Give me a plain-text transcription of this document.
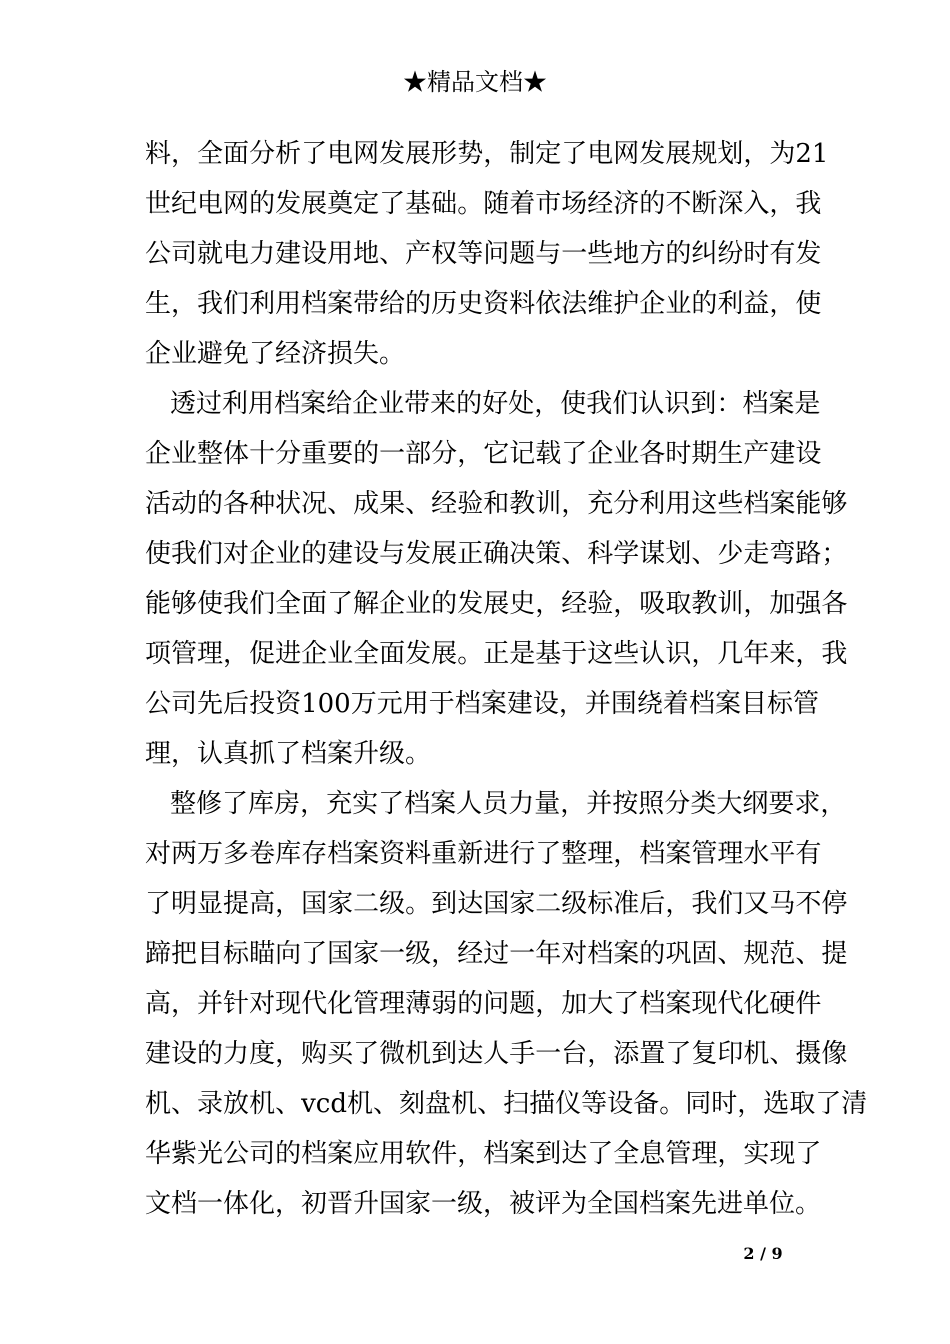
★精品文档★
料 ， 全 面 分 析 了 电 网 发 展 形 势 ， 制 定 了 电 网 发 展 规 划 ， 为 21
世 纪 电 网 的 发 展 奠 定 了 基 础 。 随 着 市 场 经 济 的 不 断 深 入 ， 我
公 司 就 电 力 建 设 用 地 、 产 权 等 问 题 与 一 些 地 方 的 纠 纷 时 有 发
生 ， 我 们 利 用 档 案 带 给 的 历 史 资 料 依 法 维 护 企 业 的 利 益 ， 使
企业避免了经济损失。
透 过 利 用 档 案 给 企 业 带 来 的 好 处 ， 使 我 们 认 识 到 ： 档 案 是
企 业 整 体 十 分 重 要 的 一 部 分 ， 它 记 载 了 企 业 各 时 期 生 产 建 设
活 动 的 各 种 状 况 、 成 果 、 经 验 和 教 训 ， 充 分 利 用 这 些 档 案 能 够
使 我 们 对 企 业 的 建 设 与 发 展 正 确 决 策 、 科 学 谋 划 、 少 走 弯 路 ；
能 够 使 我 们 全 面 了 解 企 业 的 发 展 史 ， 经 验 ， 吸 取 教 训 ， 加 强 各
项 管 理 ， 促 进 企 业 全 面 发 展 。 正 是 基 于 这 些 认 识 ， 几 年 来 ， 我
公 司 先 后 投 资 100 万 元 用 于 档 案 建 设 ， 并 围 绕 着 档 案 目 标 管
理，认真抓了档案升级。
整 修 了 库 房 ， 充 实 了 档 案 人 员 力 量 ， 并 按 照 分 类 大 纲 要 求 ，
对 两 万 多 卷 库 存 档 案 资 料 重 新 进 行 了 整 理 ， 档 案 管 理 水 平 有
了 明 显 提 高 ， 国 家 二 级 。 到 达 国 家 二 级 标 准 后 ， 我 们 又 马 不 停
蹄 把 目 标 瞄 向 了 国 家 一 级 ， 经 过 一 年 对 档 案 的 巩 固 、 规 范 、 提
高 ， 并 针 对 现 代 化 管 理 薄 弱 的 问 题 ， 加 大 了 档 案 现 代 化 硬 件
建 设 的 力 度 ， 购 买 了 微 机 到 达 人 手 一 台 ， 添 置 了 复 印 机 、 摄 像
机 、 录 放 机 、 vcd 机 、 刻 盘 机 、 扫 描 仪 等 设 备 。 同 时 ， 选 取 了 清
华 紫 光 公 司 的 档 案 应 用 软 件 ， 档 案 到 达 了 全 息 管 理 ， 实 现 了
文档一体化，初晋升国家一级，被评为全国档案先进单位。
2 / 9
